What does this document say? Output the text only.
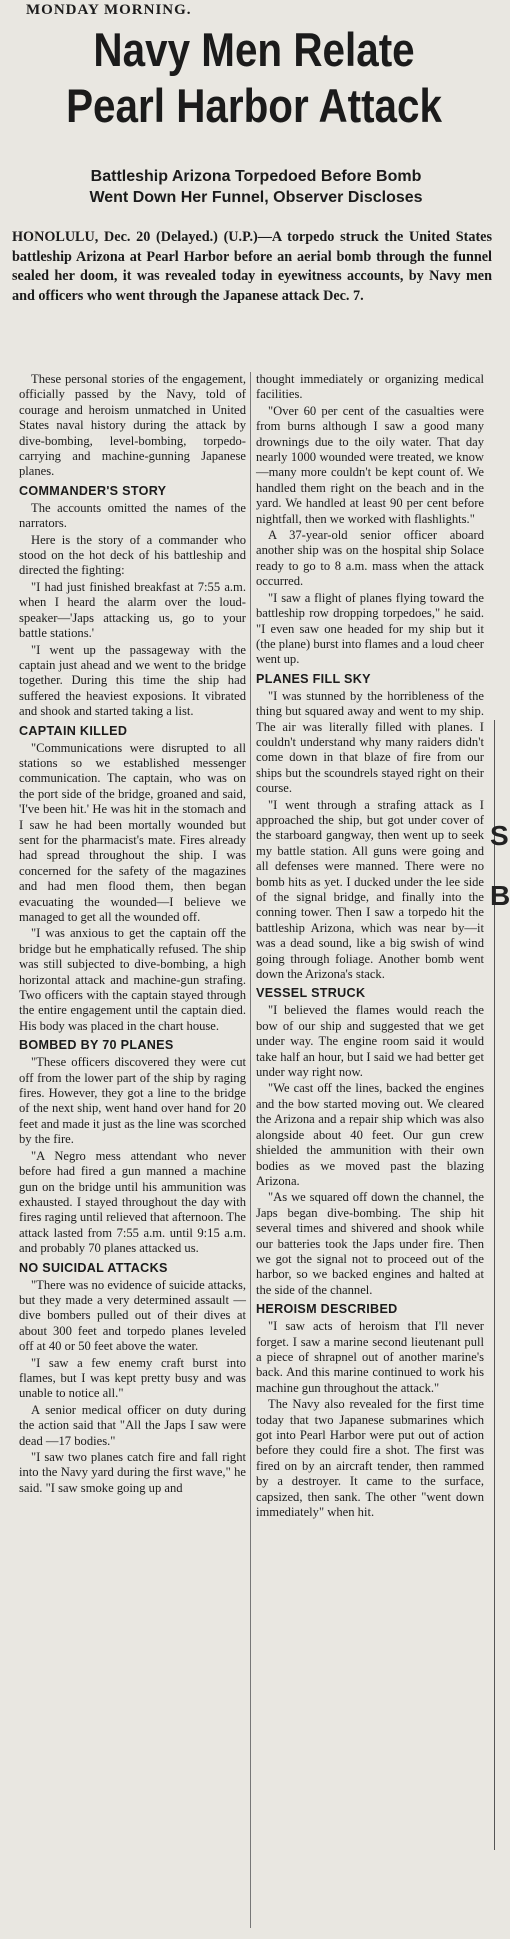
MONDAY MORNING.
Navy Men Relate
Pearl Harbor Attack
Battleship Arizona Torpedoed Before Bomb
Went Down Her Funnel, Observer Discloses
HONOLULU, Dec. 20 (Delayed.) (U.P.)—A torpedo struck the United States battleship Arizona at Pearl Harbor before an aerial bomb through the funnel sealed her doom, it was revealed today in eyewitness accounts, by Navy men and officers who went through the Japanese attack Dec. 7.

These personal stories of the engagement, officially passed by the Navy, told of courage and heroism unmatched in United States naval history during the attack by dive-bombing, level-bombing, torpedo-carrying and machine-gunning Japanese planes.

COMMANDER'S STORY

The accounts omitted the names of the narrators.

Here is the story of a commander who stood on the hot deck of his battleship and directed the fighting:

"I had just finished breakfast at 7:55 a.m. when I heard the alarm over the loud-speaker—'Japs attacking us, go to your battle stations.'

"I went up the passageway with the captain just ahead and we went to the bridge together. During this time the ship had suffered the heaviest exposions. It vibrated and shook and started taking a list.

CAPTAIN KILLED

"Communications were disrupted to all stations so we established messenger communication. The captain, who was on the port side of the bridge, groaned and said, 'I've been hit.' He was hit in the stomach and I saw he had been mortally wounded but sent for the pharmacist's mate. Fires already had spread throughout the ship. I was concerned for the safety of the magazines and had men flood them, then began evacuating the wounded—I believe we managed to get all the wounded off.

"I was anxious to get the captain off the bridge but he emphatically refused. The ship was still subjected to dive-bombing, a high horizontal attack and machine-gun strafing. Two officers with the captain stayed through the entire engagement until the captain died. His body was placed in the chart house.

BOMBED BY 70 PLANES

"These officers discovered they were cut off from the lower part of the ship by raging fires. However, they got a line to the bridge of the next ship, went hand over hand for 20 feet and made it just as the line was scorched by the fire.

"A Negro mess attendant who never before had fired a gun manned a machine gun on the bridge until his ammunition was exhausted. I stayed throughout the day with fires raging until relieved that afternoon. The attack lasted from 7:55 a.m. until 9:15 a.m. and probably 70 planes attacked us.

NO SUICIDAL ATTACKS

"There was no evidence of suicide attacks, but they made a very determined assault — dive bombers pulled out of their dives at about 300 feet and torpedo planes leveled off at 40 or 50 feet above the water.

"I saw a few enemy craft burst into flames, but I was kept pretty busy and was unable to notice all."

A senior medical officer on duty during the action said that "All the Japs I saw were dead —17 bodies."

"I saw two planes catch fire and fall right into the Navy yard during the first wave," he said. "I saw smoke going up and

thought immediately or organizing medical facilities.

"Over 60 per cent of the casualties were from burns although I saw a good many drownings due to the oily water. That day nearly 1000 wounded were treated, we know—many more couldn't be kept count of. We handled them right on the beach and in the yard. We handled at least 90 per cent before nightfall, then we worked with flashlights."

A 37-year-old senior officer aboard another ship was on the hospital ship Solace ready to go to 8 a.m. mass when the attack occurred.

"I saw a flight of planes flying toward the battleship row dropping torpedoes," he said. "I even saw one headed for my ship but it (the plane) burst into flames and a loud cheer went up.

PLANES FILL SKY

"I was stunned by the horribleness of the thing but squared away and went to my ship. The air was literally filled with planes. I couldn't understand why many raiders didn't come down in that blaze of fire from our ships but the scoundrels stayed right on their course.

"I went through a strafing attack as I approached the ship, but got under cover of the starboard gangway, then went up to seek my battle station. All guns were going and all defenses were manned. There were no bomb hits as yet. I ducked under the lee side of the signal bridge, and finally into the conning tower. Then I saw a torpedo hit the battleship Arizona, which was near by—it was a dead sound, like a big swish of wind going through foliage. Another bomb went down the Arizona's stack.

VESSEL STRUCK

"I believed the flames would reach the bow of our ship and suggested that we get under way. The engine room said it would take half an hour, but I said we had better get under way right now.

"We cast off the lines, backed the engines and the bow started moving out. We cleared the Arizona and a repair ship which was also alongside about 40 feet. Our gun crew shielded the ammunition with their own bodies as we moved past the blazing Arizona.

"As we squared off down the channel, the Japs began dive-bombing. The ship hit several times and shivered and shook while our batteries took the Japs under fire. Then we got the signal not to proceed out of the harbor, so we backed engines and halted at the side of the channel.

HEROISM DESCRIBED

"I saw acts of heroism that I'll never forget. I saw a marine second lieutenant pull a piece of shrapnel out of another marine's back. And this marine continued to work his machine gun throughout the attack."

The Navy also revealed for the first time today that two Japanese submarines which got into Pearl Harbor were put out of action before they could fire a shot. The first was fired on by an aircraft tender, then rammed by a destroyer. It came to the surface, capsized, then sank. The other "went down immediately" when hit.

S
B
